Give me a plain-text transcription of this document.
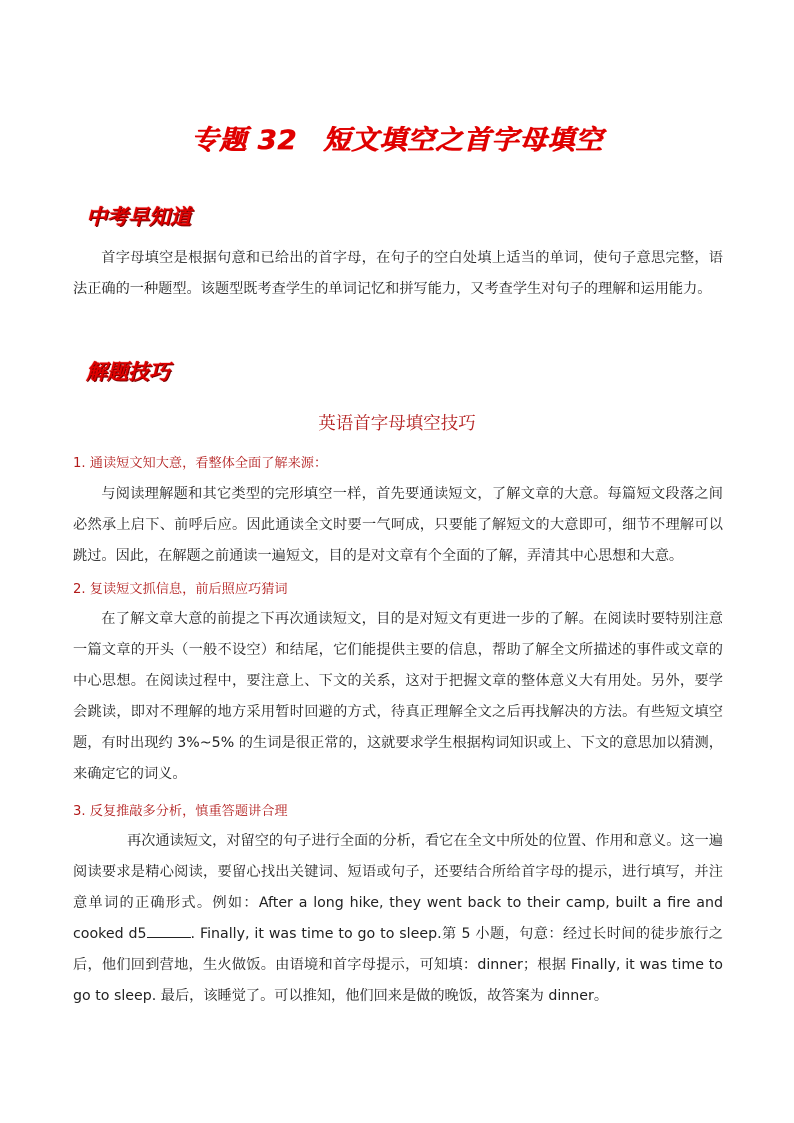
专题 32 短文填空之首字母填空
中考早知道
首字母填空是根据句意和已给出的首字母，在句子的空白处填上适当的单词，使句子意思完整，语法正确的一种题型。该题型既考查学生的单词记忆和拼写能力，又考查学生对句子的理解和运用能力。
解题技巧
英语首字母填空技巧
1. 通读短文知大意，看整体全面了解来源：
与阅读理解题和其它类型的完形填空一样，首先要通读短文，了解文章的大意。每篇短文段落之间必然承上启下、前呼后应。因此通读全文时要一气呵成，只要能了解短文的大意即可，细节不理解可以跳过。因此，在解题之前通读一遍短文，目的是对文章有个全面的了解，弄清其中心思想和大意。
2. 复读短文抓信息，前后照应巧猜词
在了解文章大意的前提之下再次通读短文，目的是对短文有更进一步的了解。在阅读时要特别注意一篇文章的开头（一般不设空）和结尾，它们能提供主要的信息，帮助了解全文所描述的事件或文章的中心思想。在阅读过程中，要注意上、下文的关系，这对于把握文章的整体意义大有用处。另外，要学会跳读，即对不理解的地方采用暂时回避的方式，待真正理解全文之后再找解决的方法。有些短文填空题，有时出现约 3%~5% 的生词是很正常的，这就要求学生根据构词知识或上、下文的意思加以猜测，来确定它的词义。
3. 反复推敲多分析，慎重答题讲合理
再次通读短文，对留空的句子进行全面的分析，看它在全文中所处的位置、作用和意义。这一遍阅读要求是精心阅读，要留心找出关键词、短语或句子，还要结合所给首字母的提示，进行填写，并注意单词的正确形式。例如：After a long hike, they went back to their camp, built a fire and cooked d5	. Finally, it was time to go to sleep.第 5 小题，句意：经过长时间的徒步旅行之后，他们回到营地，生火做饭。由语境和首字母提示，可知填：dinner；根据 Finally, it was time to go to sleep. 最后，该睡觉了。可以推知，他们回来是做的晚饭，故答案为 dinner。
